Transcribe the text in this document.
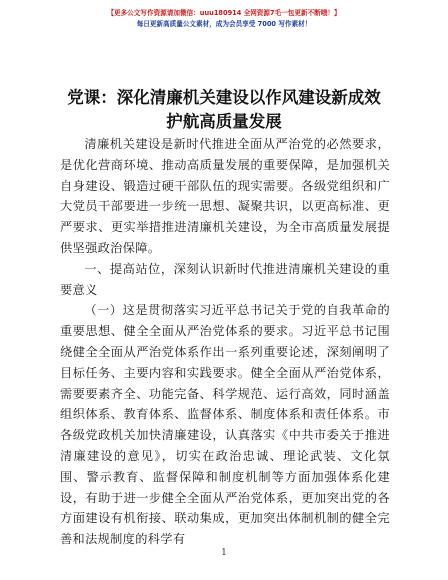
【更多公文写作资源请加微信：uuu180914 全网资源7毛一包更新不断哦！】
每日更新高质量公文素材，成为会员享受 7000 写作素材！
党课：深化清廉机关建设以作风建设新成效护航高质量发展

清廉机关建设是新时代推进全面从严治党的必然要求，是优化营商环境、推动高质量发展的重要保障，是加强机关自身建设、锻造过硬干部队伍的现实需要。各级党组织和广大党员干部要进一步统一思想、凝聚共识，以更高标准、更严要求、更实举措推进清廉机关建设，为全市高质量发展提供坚强政治保障。

一、提高站位，深刻认识新时代推进清廉机关建设的重要意义

（一）这是贯彻落实习近平总书记关于党的自我革命的重要思想、健全全面从严治党体系的要求。习近平总书记围绕健全全面从严治党体系作出一系列重要论述，深刻阐明了目标任务、主要内容和实践要求。健全全面从严治党体系，需要要素齐全、功能完备、科学规范、运行高效，同时涵盖组织体系、教育体系、监督体系、制度体系和责任体系。市各级党政机关加快清廉建设，认真落实《中共市委关于推进清廉建设的意见》，切实在政治忠诚、理论武装、文化氛围、警示教育、监督保障和制度机制等方面加强体系化建设，有助于进一步健全全面从严治党体系，更加突出党的各方面建设有机衔接、联动集成，更加突出体制机制的健全完善和法规制度的科学有

1
